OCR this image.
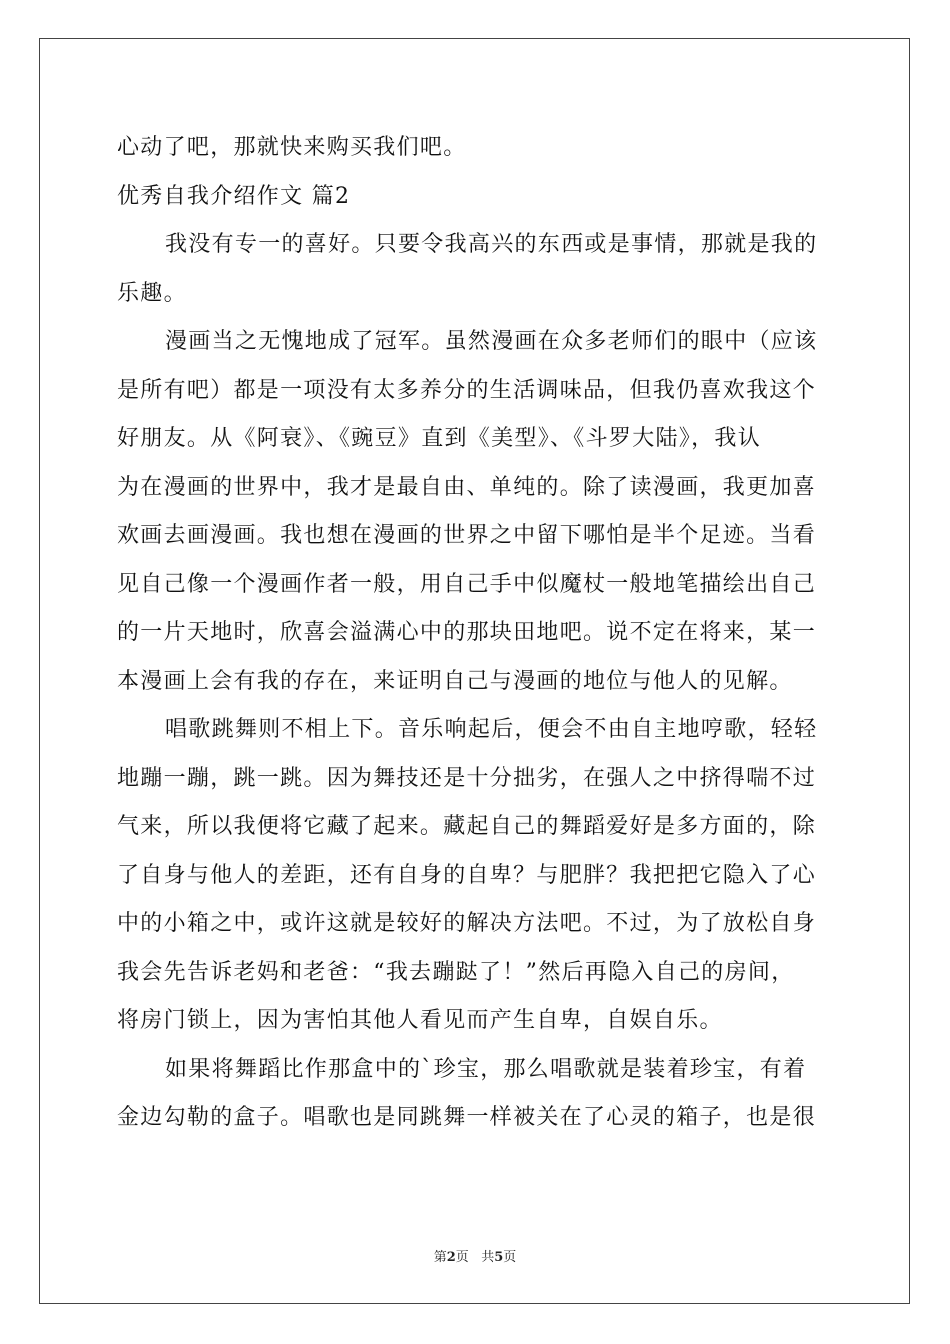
心动了吧，那就快来购买我们吧。
优秀自我介绍作文 篇2
我没有专一的喜好。只要令我高兴的东西或是事情，那就是我的
乐趣。
漫画当之无愧地成了冠军。虽然漫画在众多老师们的眼中（应该
是所有吧）都是一项没有太多养分的生活调味品，但我仍喜欢我这个
好朋友。从《阿衰》、《豌豆》直到《美型》、《斗罗大陆》，我认
为在漫画的世界中，我才是最自由、单纯的。除了读漫画，我更加喜
欢画去画漫画。我也想在漫画的世界之中留下哪怕是半个足迹。当看
见自己像一个漫画作者一般，用自己手中似魔杖一般地笔描绘出自己
的一片天地时，欣喜会溢满心中的那块田地吧。说不定在将来，某一
本漫画上会有我的存在，来证明自己与漫画的地位与他人的见解。
唱歌跳舞则不相上下。音乐响起后，便会不由自主地哼歌，轻轻
地蹦一蹦，跳一跳。因为舞技还是十分拙劣，在强人之中挤得喘不过
气来，所以我便将它藏了起来。藏起自己的舞蹈爱好是多方面的，除
了自身与他人的差距，还有自身的自卑？与肥胖？我把把它隐入了心
中的小箱之中，或许这就是较好的解决方法吧。不过，为了放松自身
我会先告诉老妈和老爸：“我去蹦跶了！”然后再隐入自己的房间，
将房门锁上，因为害怕其他人看见而产生自卑，自娱自乐。
如果将舞蹈比作那盒中的`珍宝，那么唱歌就是装着珍宝，有着
金边勾勒的盒子。唱歌也是同跳舞一样被关在了心灵的箱子，也是很
第2页 共5页
